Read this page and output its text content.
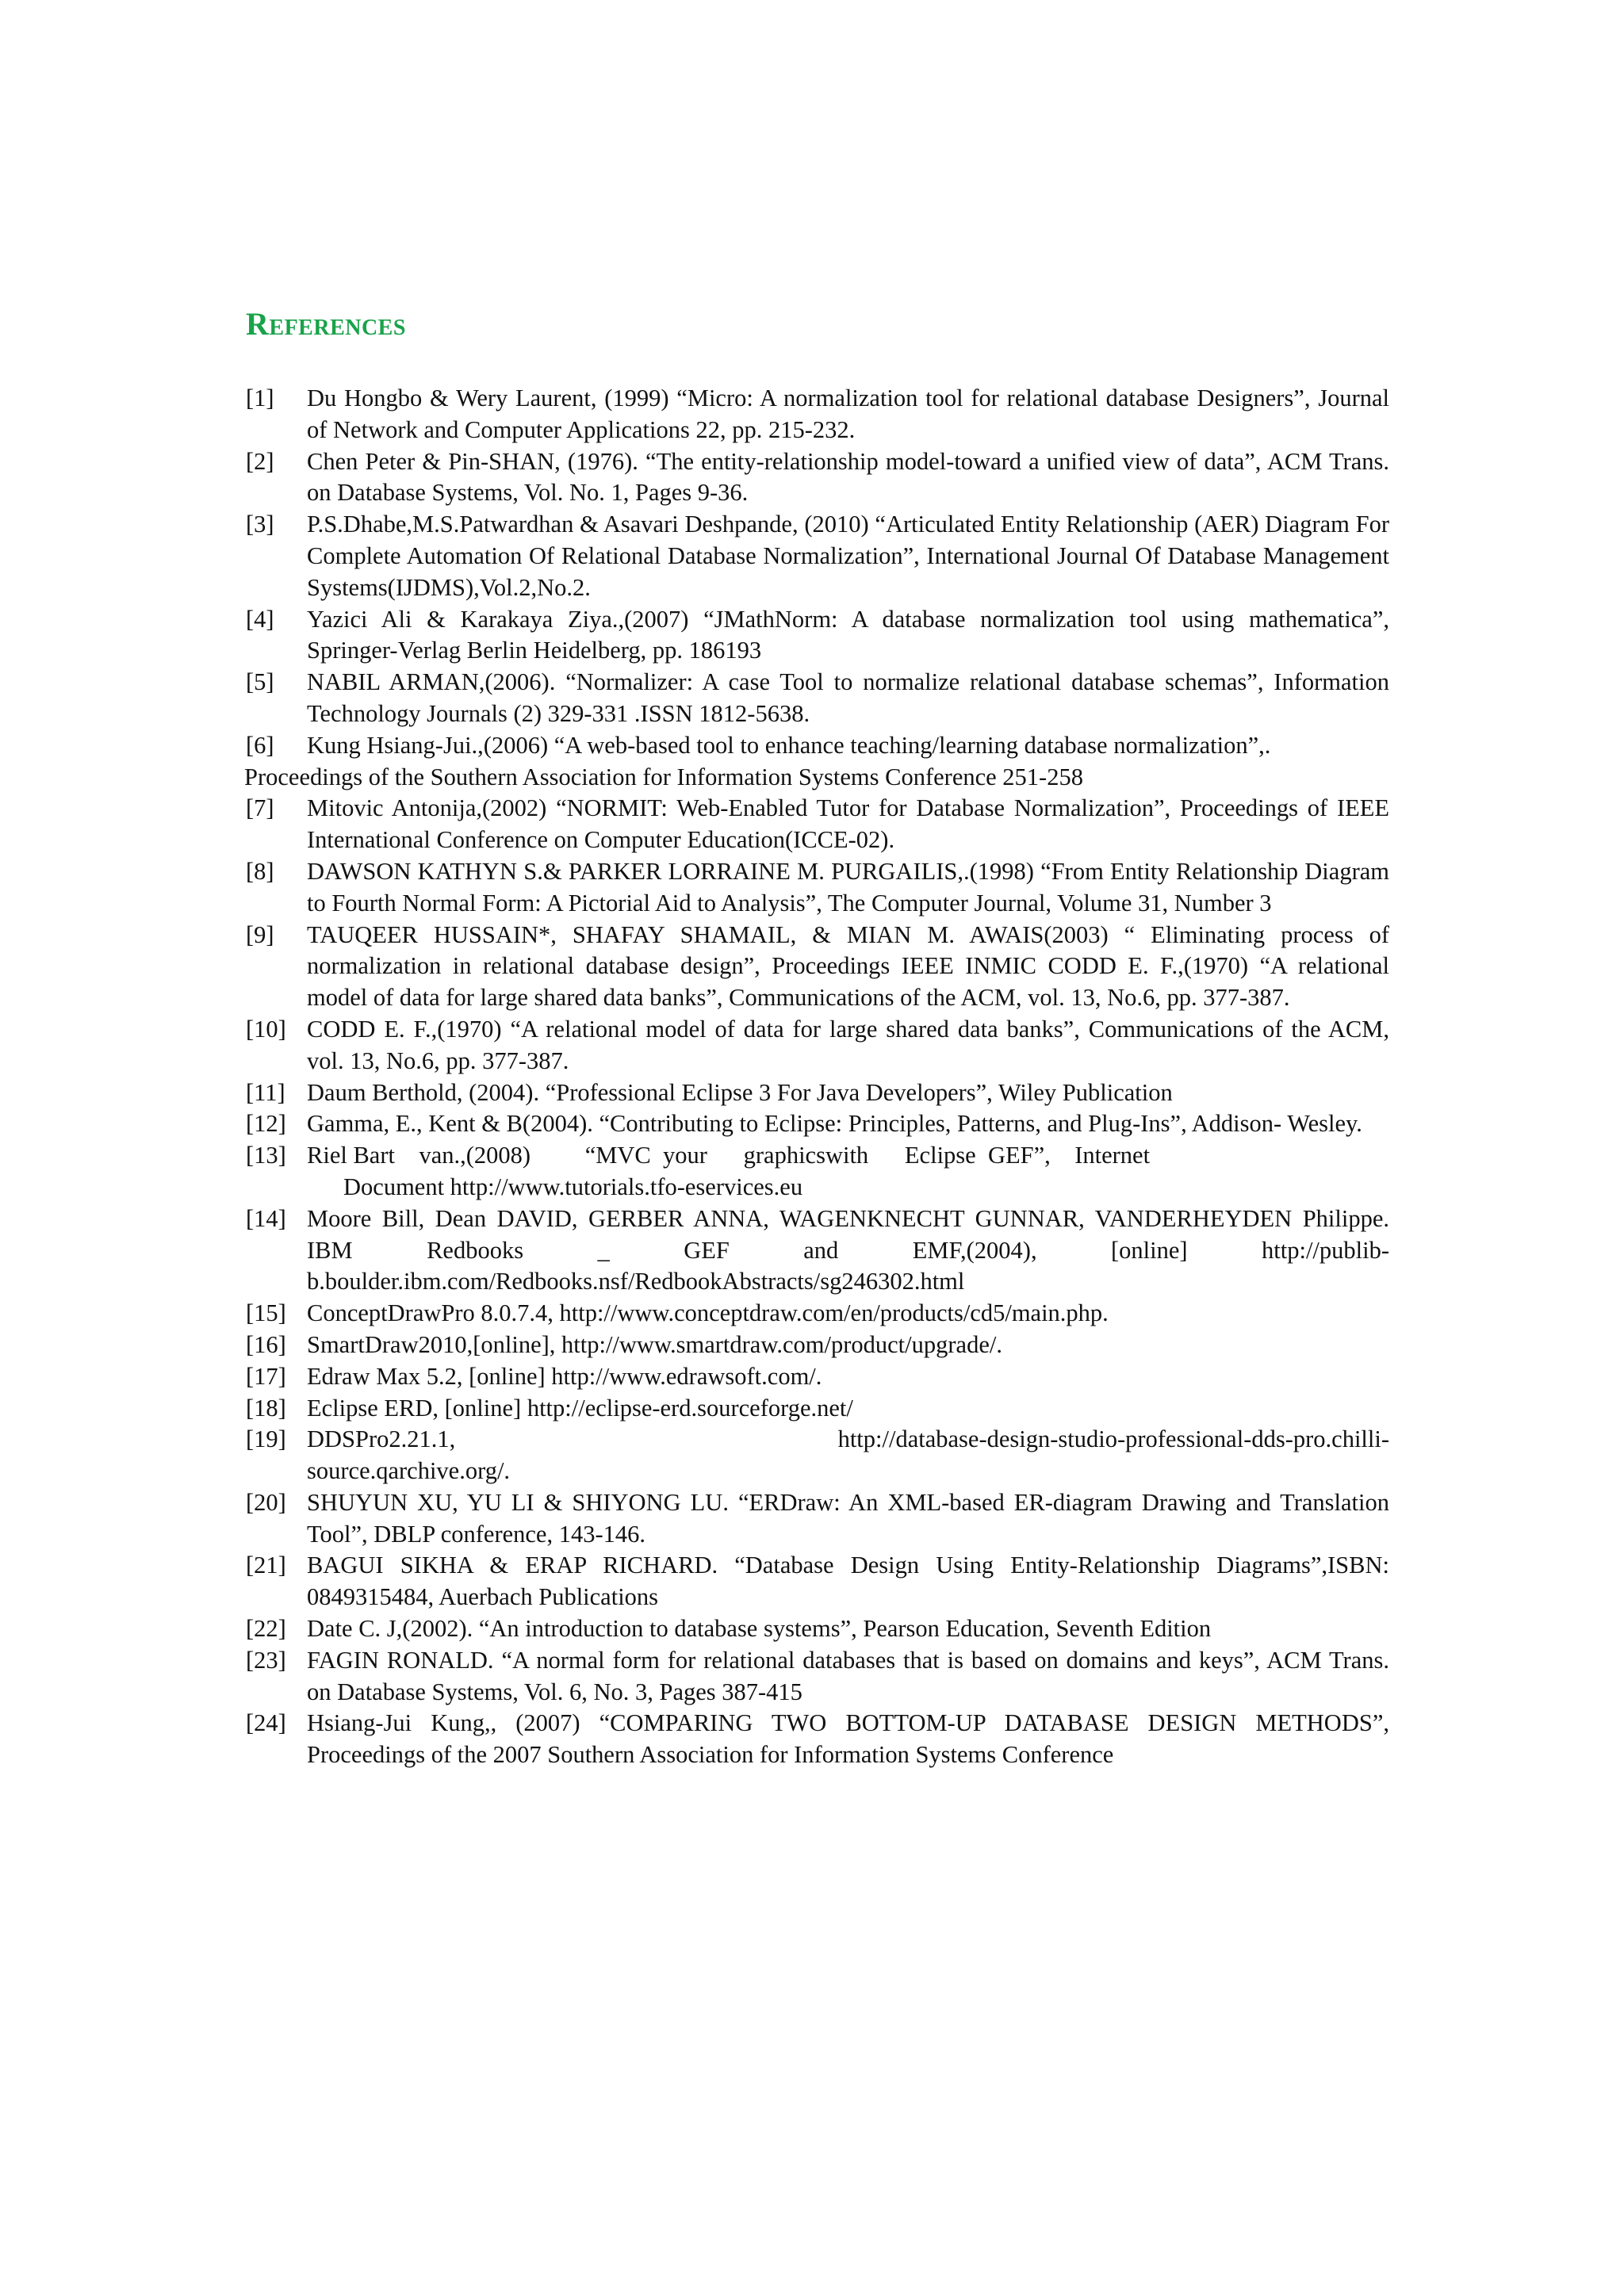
References
[1]	Du Hongbo & Wery Laurent, (1999) “Micro: A normalization tool for relational database Designers”, Journal of Network and Computer Applications 22, pp. 215-232.
[2]	Chen Peter & Pin-SHAN, (1976). “The entity-relationship model-toward a unified view of data”, ACM Trans. on Database Systems, Vol. No. 1, Pages 9-36.
[3]	P.S.Dhabe,M.S.Patwardhan & Asavari Deshpande, (2010) “Articulated Entity Relationship (AER) Diagram For Complete Automation Of Relational Database Normalization”, International Journal Of Database Management Systems(IJDMS),Vol.2,No.2.
[4]	Yazici Ali & Karakaya Ziya.,(2007) “JMathNorm: A database normalization tool using mathematica”, Springer-Verlag Berlin Heidelberg, pp. 186193
[5]	NABIL ARMAN,(2006). “Normalizer: A case Tool to normalize relational database schemas”, Information Technology Journals (2) 329-331 .ISSN 1812-5638.
[6]	Kung Hsiang-Jui.,(2006) “A web-based tool to enhance teaching/learning database normalization”,.

Proceedings of the Southern Association for Information Systems Conference 251-258

[7]	Mitovic Antonija,(2002) “NORMIT: Web-Enabled Tutor for Database Normalization”, Proceedings of IEEE International Conference on Computer Education(ICCE-02).
[8]	DAWSON KATHYN S.& PARKER LORRAINE M. PURGAILIS,.(1998) “From Entity Relationship Diagram to Fourth Normal Form: A Pictorial Aid to Analysis”, The Computer Journal, Volume 31, Number 3
[9]	TAUQEER HUSSAIN*, SHAFAY SHAMAIL, & MIAN M. AWAIS(2003) “ Eliminating process of normalization in relational database design”, Proceedings IEEE INMIC CODD E. F.,(1970) “A relational model of data for large shared data banks”, Communications of the ACM, vol. 13, No.6, pp. 377-387.
[10] CODD E. F.,(1970) “A relational model of data for large shared data banks”, Communications of the ACM, vol. 13, No.6, pp. 377-387.
[11] Daum Berthold, (2004). “Professional Eclipse 3 For Java Developers”, Wiley Publication
[12] Gamma, E., Kent & B(2004). “Contributing to Eclipse: Principles, Patterns, and Plug-Ins”, Addison- Wesley.
[13] Riel Bart    van.,(2008)         “MVC  your      graphicswith      Eclipse  GEF”,    Internet
Document http://www.tutorials.tfo-eservices.eu
[14] Moore Bill, Dean DAVID, GERBER ANNA, WAGENKNECHT GUNNAR, VANDERHEYDEN Philippe. IBM Redbooks _ GEF and EMF,(2004), [online] http://publib-b.boulder.ibm.com/Redbooks.nsf/RedbookAbstracts/sg246302.html
[15] ConceptDrawPro 8.0.7.4, http://www.conceptdraw.com/en/products/cd5/main.php.
[16] SmartDraw2010,[online], http://www.smartdraw.com/product/upgrade/.
[17] Edraw Max 5.2, [online] http://www.edrawsoft.com/.
[18] Eclipse ERD, [online] http://eclipse-erd.sourceforge.net/
[19] DDSPro2.21.1,                              http://database-design-studio-professional-dds-pro.chilli-source.qarchive.org/.
[20] SHUYUN XU, YU LI & SHIYONG LU. “ERDraw: An XML-based ER-diagram Drawing and Translation Tool”, DBLP conference, 143-146.
[21] BAGUI SIKHA & ERAP RICHARD. “Database Design Using Entity-Relationship Diagrams”,ISBN: 0849315484, Auerbach Publications
[22] Date C. J,(2002). “An introduction to database systems”, Pearson Education, Seventh Edition
[23] FAGIN RONALD. “A normal form for relational databases that is based on domains and keys”, ACM Trans. on Database Systems, Vol. 6, No. 3, Pages 387-415
[24] Hsiang-Jui Kung,, (2007) “COMPARING TWO BOTTOM-UP DATABASE DESIGN METHODS”, Proceedings of the 2007 Southern Association for Information Systems Conference
